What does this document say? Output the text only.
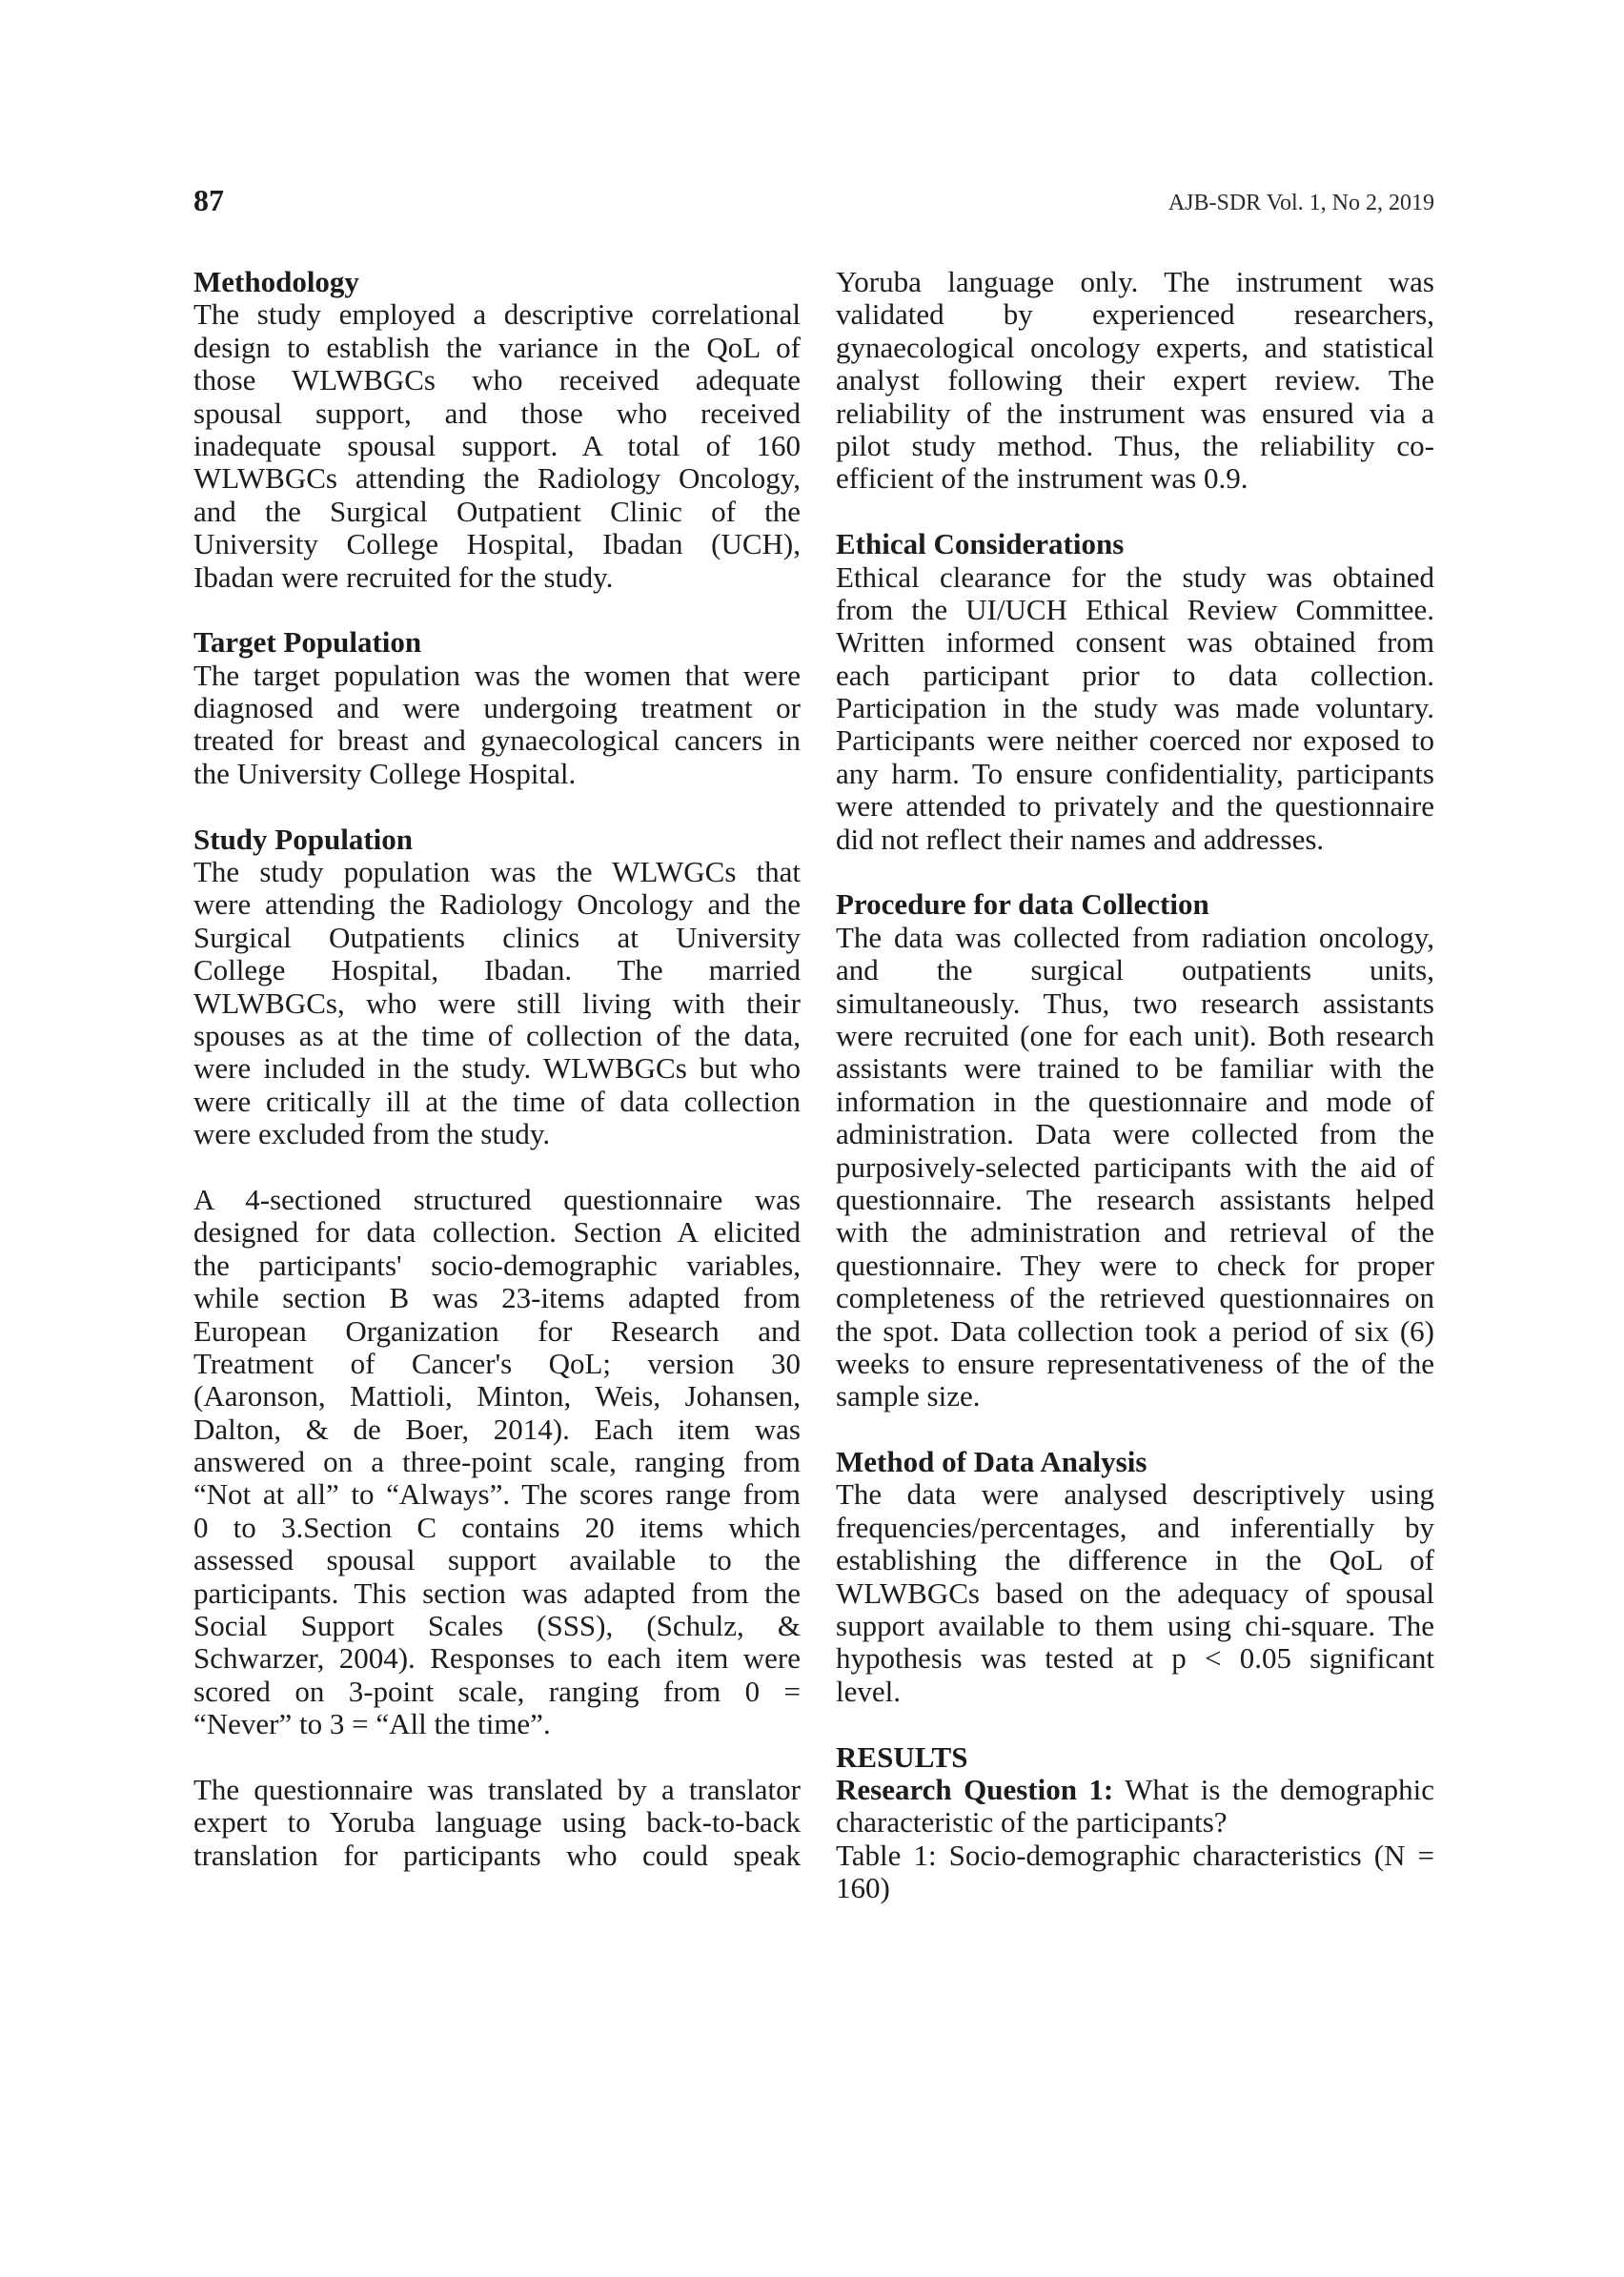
87	AJB-SDR Vol. 1, No 2, 2019
Methodology
The study employed a descriptive correlational
design to establish the variance in the QoL of
those WLWBGCs who received adequate
spousal support, and those who received
inadequate spousal support. A total of 160
WLWBGCs attending the Radiology Oncology,
and the Surgical Outpatient Clinic of the
University College Hospital, Ibadan (UCH),
Ibadan were recruited for the study.
Target Population
The target population was the women that were
diagnosed and were undergoing treatment or
treated for breast and gynaecological cancers in
the University College Hospital.
Study Population
The study population was the WLWGCs that
were attending the Radiology Oncology and the
Surgical Outpatients clinics at University
College Hospital, Ibadan. The married
WLWBGCs, who were still living with their
spouses as at the time of collection of the data,
were included in the study. WLWBGCs but who
were critically ill at the time of data collection
were excluded from the study.
A 4-sectioned structured questionnaire was
designed for data collection. Section A elicited
the participants' socio-demographic variables,
while section B was 23-items adapted from
European Organization for Research and
Treatment of Cancer's QoL; version 30
(Aaronson, Mattioli, Minton, Weis, Johansen,
Dalton, & de Boer, 2014). Each item was
answered on a three-point scale, ranging from
“Not at all” to “Always”. The scores range from
0 to 3.Section C contains 20 items which
assessed spousal support available to the
participants. This section was adapted from the
Social Support Scales (SSS), (Schulz, &
Schwarzer, 2004). Responses to each item were
scored on 3-point scale, ranging from 0 =
“Never” to 3 = “All the time”.
The questionnaire was translated by a translator
expert to Yoruba language using back-to-back
translation for participants who could speak
Yoruba language only. The instrument was
validated by experienced researchers,
gynaecological oncology experts, and statistical
analyst following their expert review. The
reliability of the instrument was ensured via a
pilot study method. Thus, the reliability co-
efficient of the instrument was 0.9.
Ethical Considerations
Ethical clearance for the study was obtained
from the UI/UCH Ethical Review Committee.
Written informed consent was obtained from
each participant prior to data collection.
Participation in the study was made voluntary.
Participants were neither coerced nor exposed to
any harm. To ensure confidentiality, participants
were attended to privately and the questionnaire
did not reflect their names and addresses.
Procedure for data Collection
The data was collected from radiation oncology,
and the surgical outpatients units,
simultaneously. Thus, two research assistants
were recruited (one for each unit). Both research
assistants were trained to be familiar with the
information in the questionnaire and mode of
administration. Data were collected from the
purposively-selected participants with the aid of
questionnaire. The research assistants helped
with the administration and retrieval of the
questionnaire. They were to check for proper
completeness of the retrieved questionnaires on
the spot. Data collection took a period of six (6)
weeks to ensure representativeness of the of the
sample size.
Method of Data Analysis
The data were analysed descriptively using
frequencies/percentages, and inferentially by
establishing the difference in the QoL of
WLWBGCs based on the adequacy of spousal
support available to them using chi-square. The
hypothesis was tested at p < 0.05 significant
level.
RESULTS
Research Question 1: What is the demographic
characteristic of the participants?
Table 1: Socio-demographic characteristics (N =
160)
